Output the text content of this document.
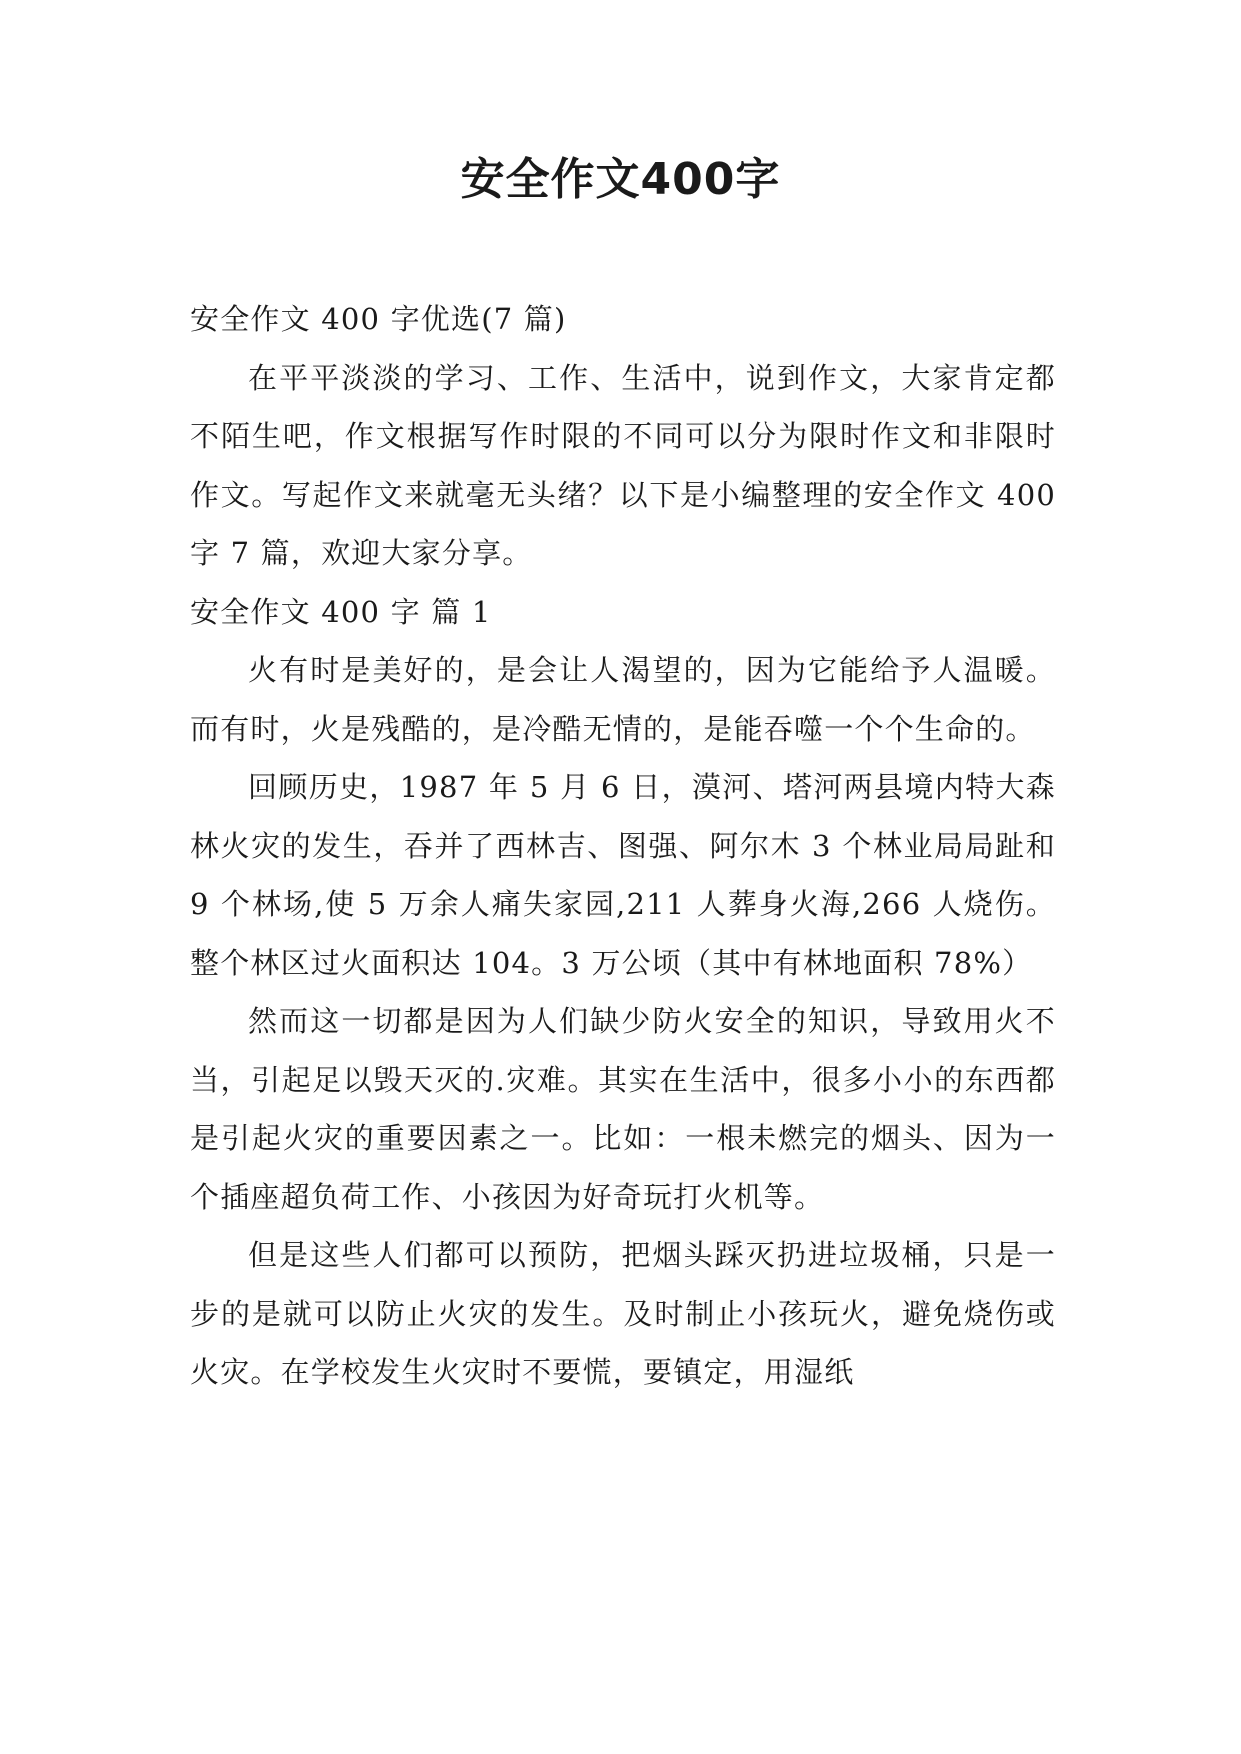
安全作文400字

安全作文 400 字优选(7 篇)

在平平淡淡的学习、工作、生活中，说到作文，大家肯定都不陌生吧，作文根据写作时限的不同可以分为限时作文和非限时作文。写起作文来就毫无头绪？以下是小编整理的安全作文 400 字 7 篇，欢迎大家分享。

安全作文 400 字 篇 1

火有时是美好的，是会让人渴望的，因为它能给予人温暖。而有时，火是残酷的，是冷酷无情的，是能吞噬一个个生命的。

回顾历史，1987 年 5 月 6 日，漠河、塔河两县境内特大森林火灾的发生，吞并了西林吉、图强、阿尔木 3 个林业局局趾和 9 个林场,使 5 万余人痛失家园,211 人葬身火海,266 人烧伤。整个林区过火面积达 104。3 万公顷（其中有林地面积 78%）

然而这一切都是因为人们缺少防火安全的知识，导致用火不当，引起足以毁天灭的.灾难。其实在生活中，很多小小的东西都是引起火灾的重要因素之一。比如：一根未燃完的烟头、因为一个插座超负荷工作、小孩因为好奇玩打火机等。

但是这些人们都可以预防，把烟头踩灭扔进垃圾桶，只是一步的是就可以防止火灾的发生。及时制止小孩玩火，避免烧伤或火灾。在学校发生火灾时不要慌，要镇定，用湿纸
